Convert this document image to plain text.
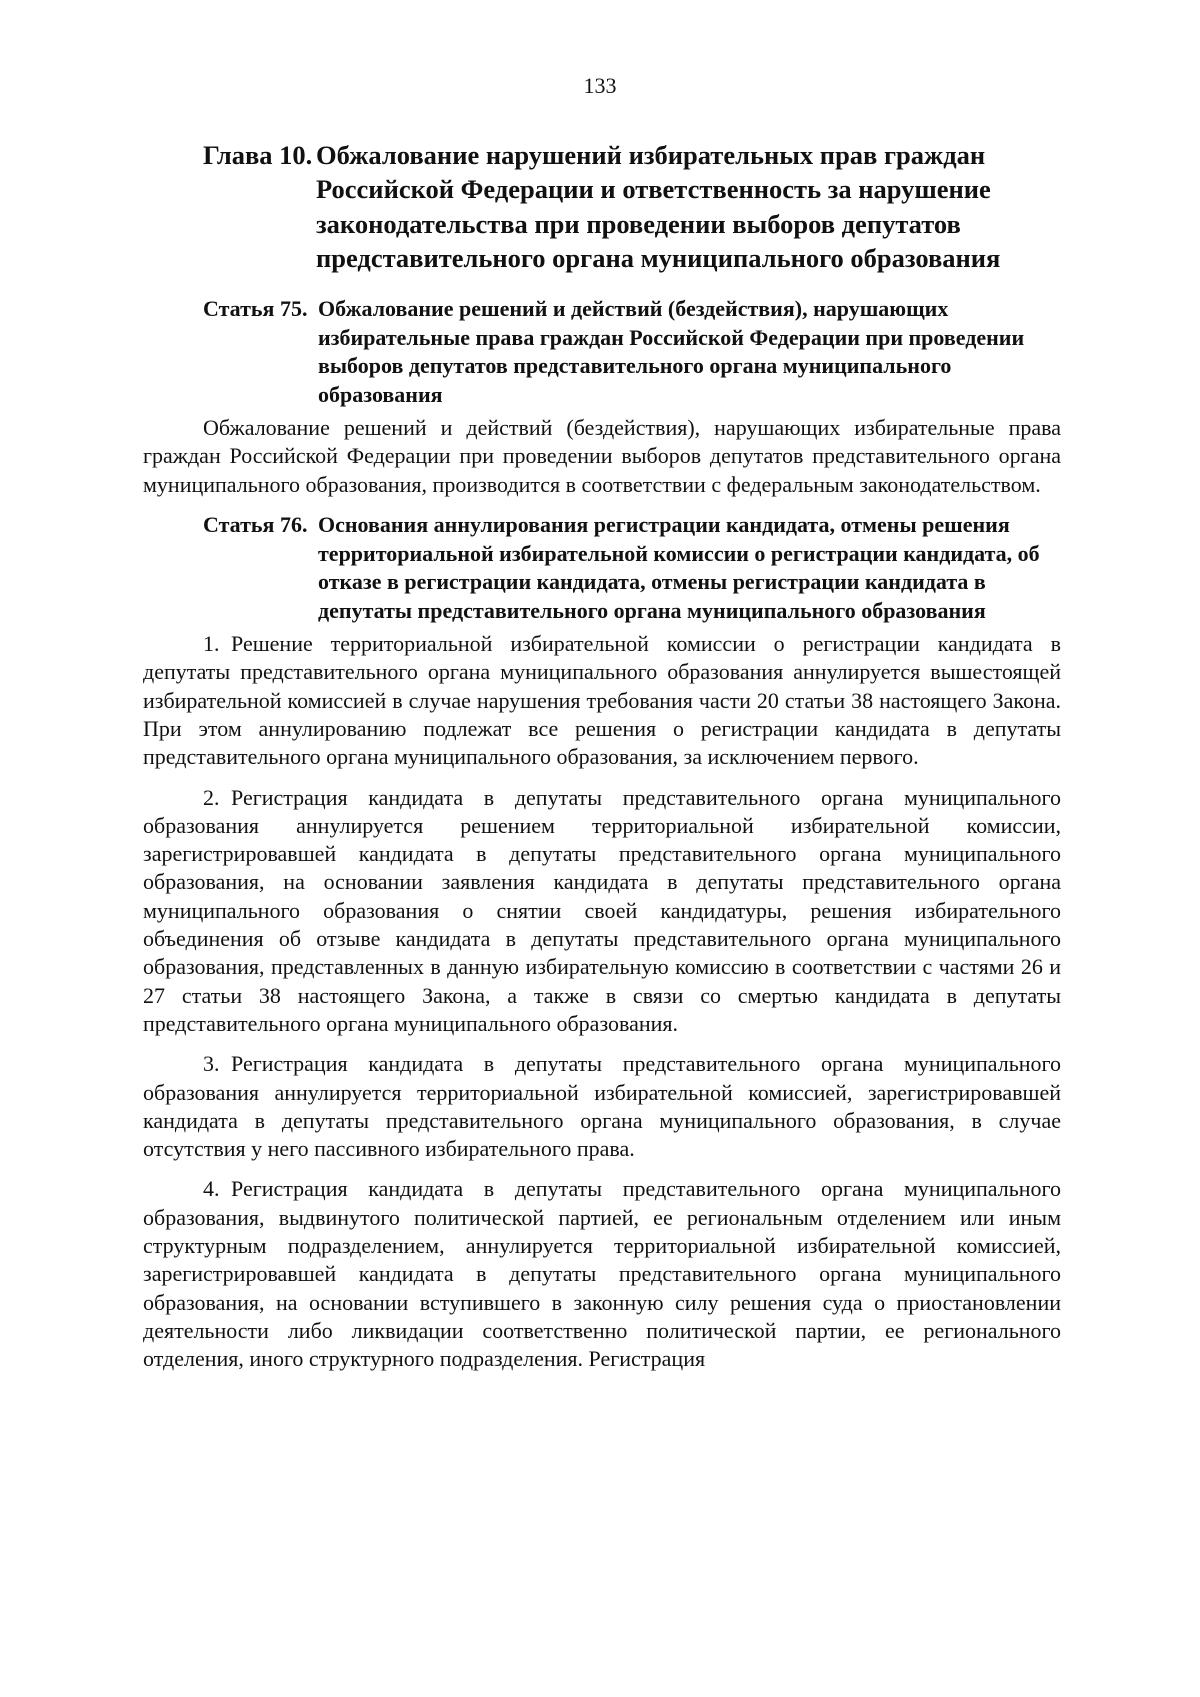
133
Глава 10. Обжалование нарушений избирательных прав граждан Российской Федерации и ответственность за нарушение законодательства при проведении выборов депутатов представительного органа муниципального образования
Статья 75. Обжалование решений и действий (бездействия), нарушающих избирательные права граждан Российской Федерации при проведении выборов депутатов представительного органа муниципального образования

Обжалование решений и действий (бездействия), нарушающих избирательные права граждан Российской Федерации при проведении выборов депутатов представительного органа муниципального образования, производится в соответствии с федеральным законодательством.

Статья 76. Основания аннулирования регистрации кандидата, отмены решения территориальной избирательной комиссии о регистрации кандидата, об отказе в регистрации кандидата, отмены регистрации кандидата в депутаты представительного органа муниципального образования

1. Решение территориальной избирательной комиссии о регистрации кандидата в депутаты представительного органа муниципального образования аннулируется вышестоящей избирательной комиссией в случае нарушения требования части 20 статьи 38 настоящего Закона. При этом аннулированию подлежат все решения о регистрации кандидата в депутаты представительного органа муниципального образования, за исключением первого.

2. Регистрация кандидата в депутаты представительного органа муниципального образования аннулируется решением территориальной избирательной комиссии, зарегистрировавшей кандидата в депутаты представительного органа муниципального образования, на основании заявления кандидата в депутаты представительного органа муниципального образования о снятии своей кандидатуры, решения избирательного объединения об отзыве кандидата в депутаты представительного органа муниципального образования, представленных в данную избирательную комиссию в соответствии с частями 26 и 27 статьи 38 настоящего Закона, а также в связи со смертью кандидата в депутаты представительного органа муниципального образования.

3. Регистрация кандидата в депутаты представительного органа муниципального образования аннулируется территориальной избирательной комиссией, зарегистрировавшей кандидата в депутаты представительного органа муниципального образования, в случае отсутствия у него пассивного избирательного права.

4. Регистрация кандидата в депутаты представительного органа муниципального образования, выдвинутого политической партией, ее региональным отделением или иным структурным подразделением, аннулируется территориальной избирательной комиссией, зарегистрировавшей кандидата в депутаты представительного органа муниципального образования, на основании вступившего в законную силу решения суда о приостановлении деятельности либо ликвидации соответственно политической партии, ее регионального отделения, иного структурного подразделения. Регистрация
